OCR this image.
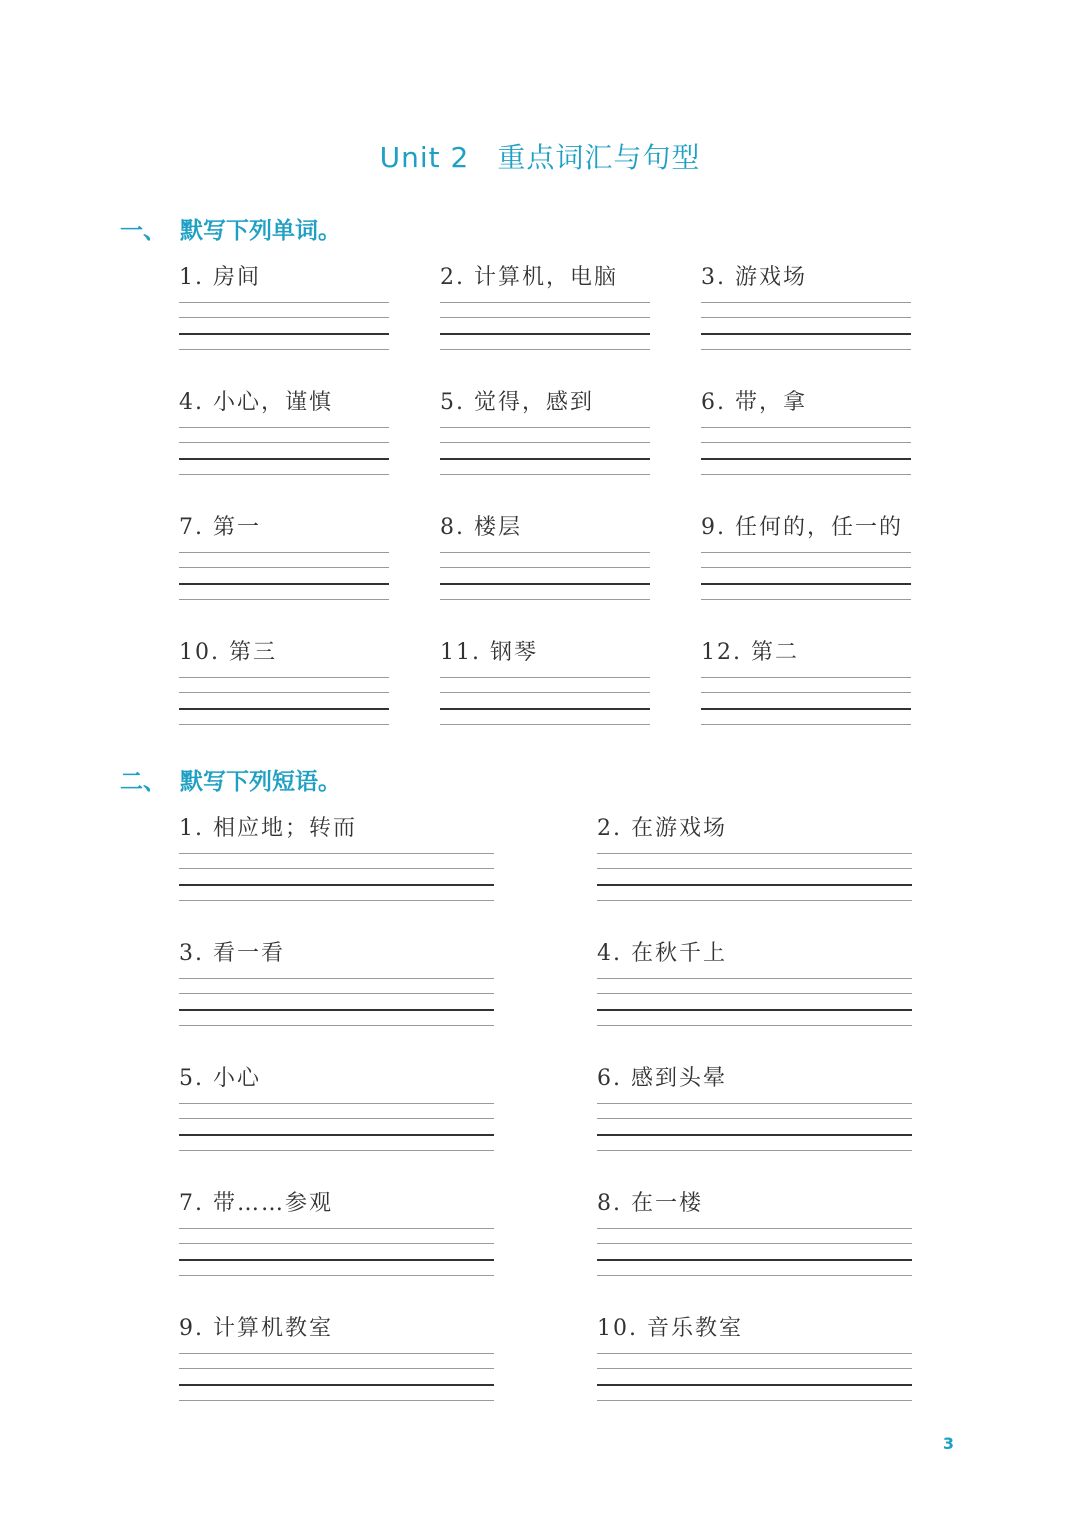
Unit 2 重点词汇与句型
一、 默写下列单词。
1. 房间	2. 计算机，电脑	3. 游戏场
4. 小心，谨慎	5. 觉得，感到	6. 带，拿
7. 第一	8. 楼层	9. 任何的，任一的
10. 第三	11. 钢琴	12. 第二
二、 默写下列短语。
1. 相应地；转而	2. 在游戏场
3. 看一看	4. 在秋千上
5. 小心	6. 感到头晕
7. 带……参观	8. 在一楼
9. 计算机教室	10. 音乐教室
3
